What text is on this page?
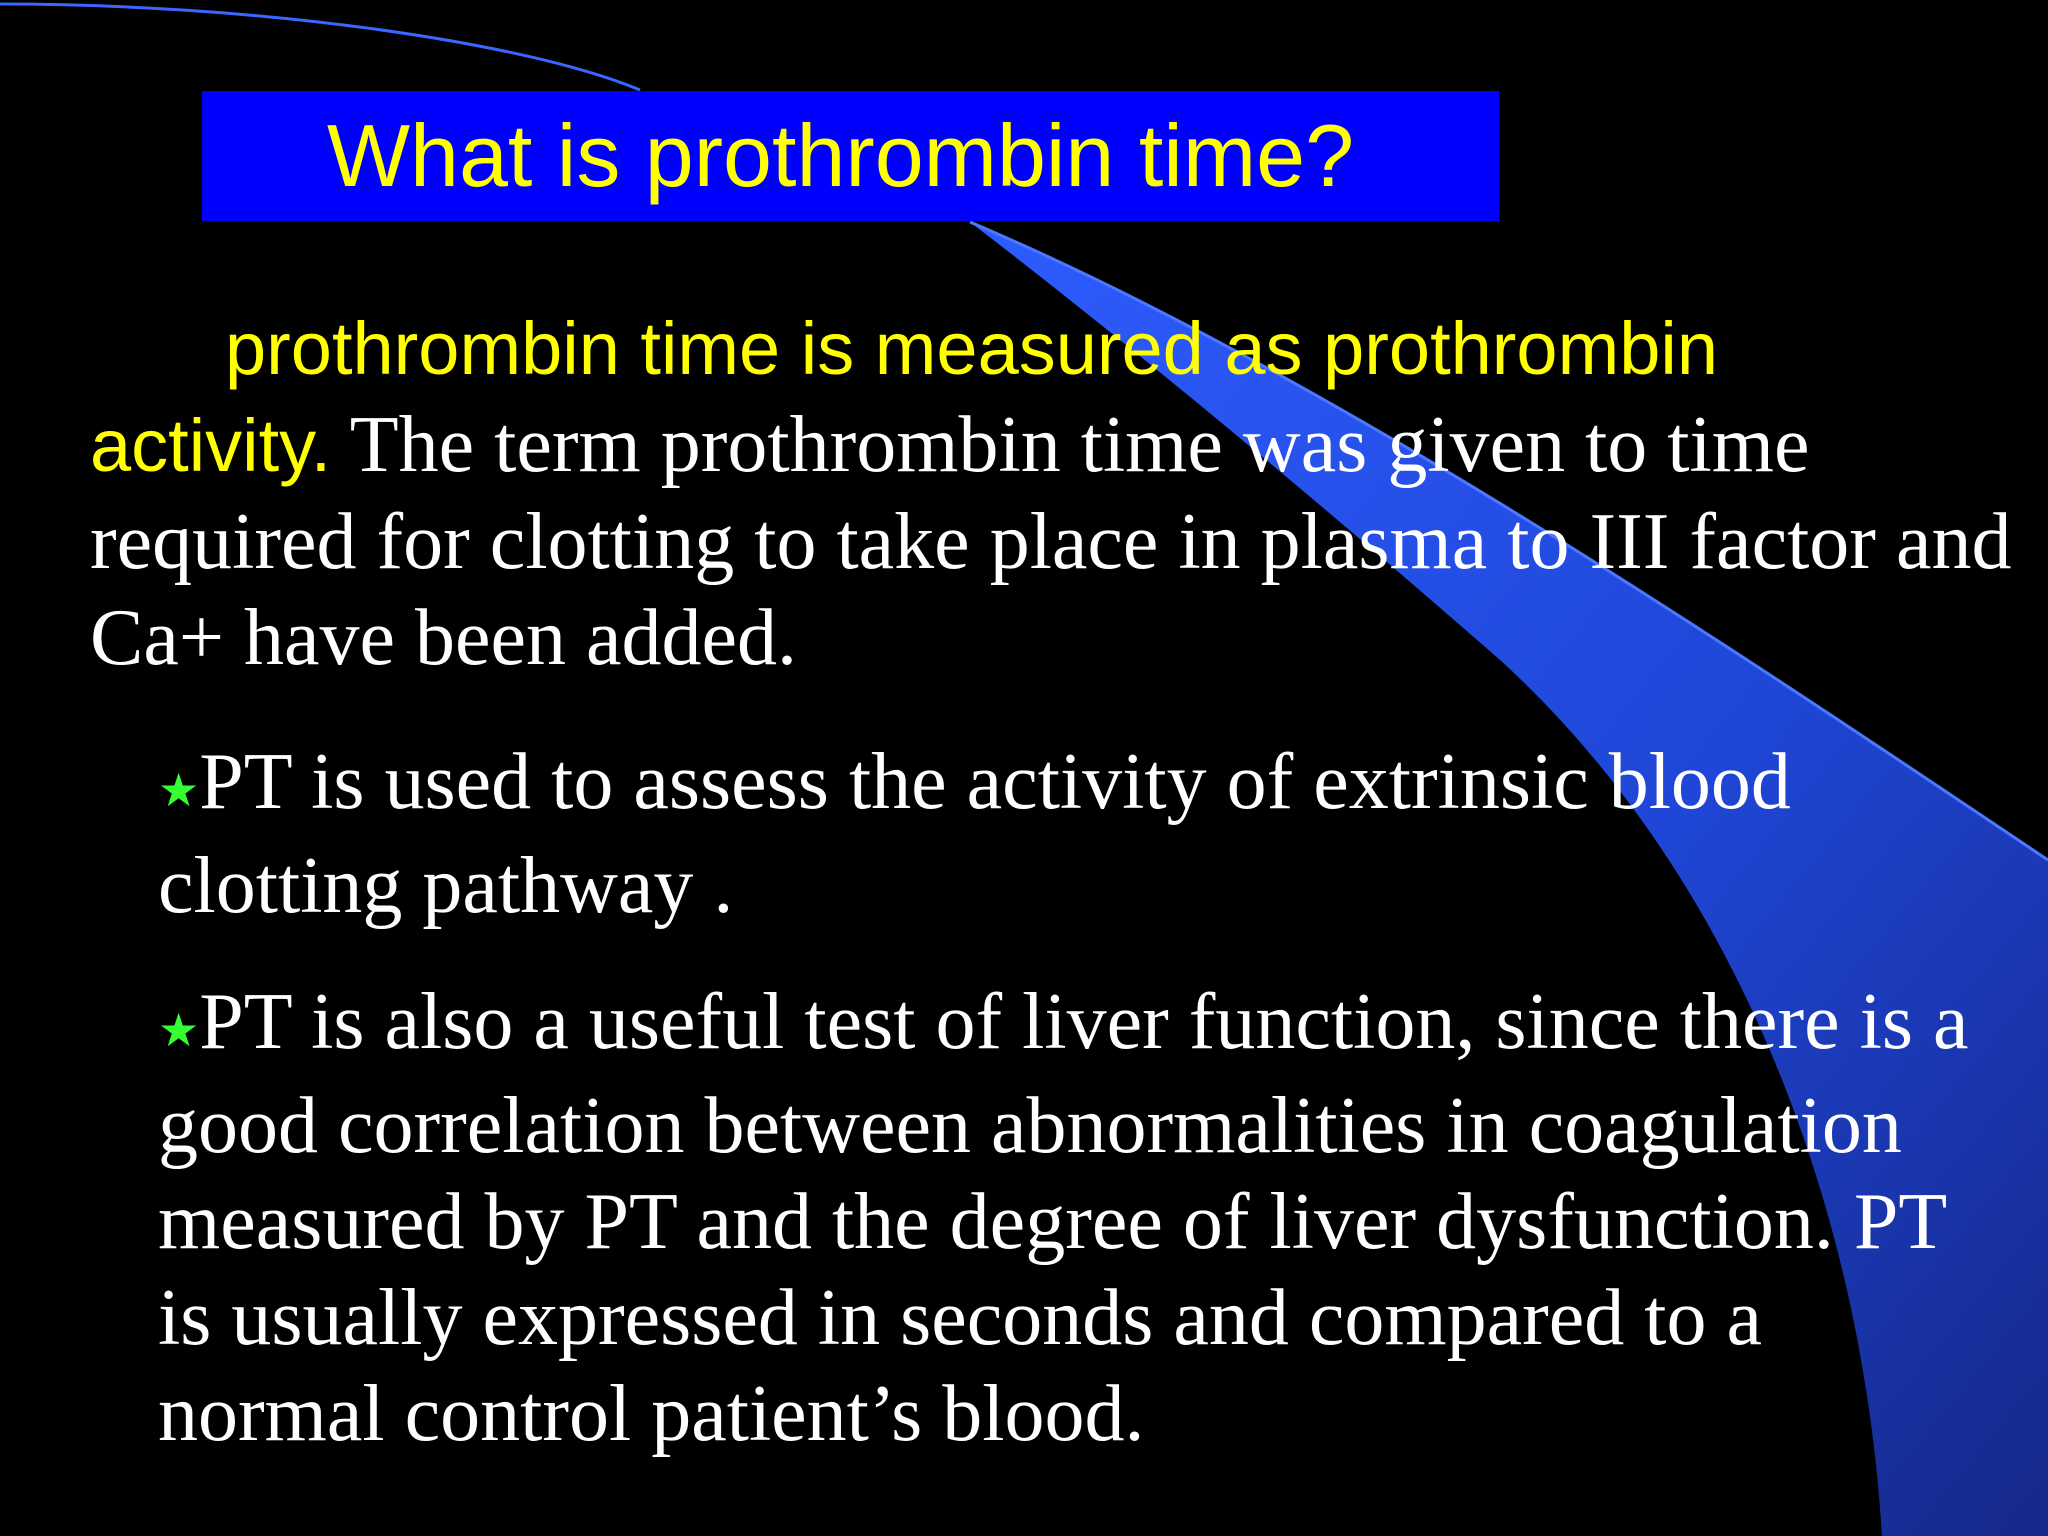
What is prothrombin time?
prothrombin time is measured as prothrombin
activity. The term prothrombin time was given to time required for clotting to take place in plasma to III factor and Ca+ have been added.
★PT is used to assess the activity of extrinsic blood clotting pathway .
★PT is also a useful test of liver function, since there is a good correlation between abnormalities in coagulation measured by PT and the degree of liver dysfunction. PT is usually expressed in seconds and compared to a normal control patient’s blood.
